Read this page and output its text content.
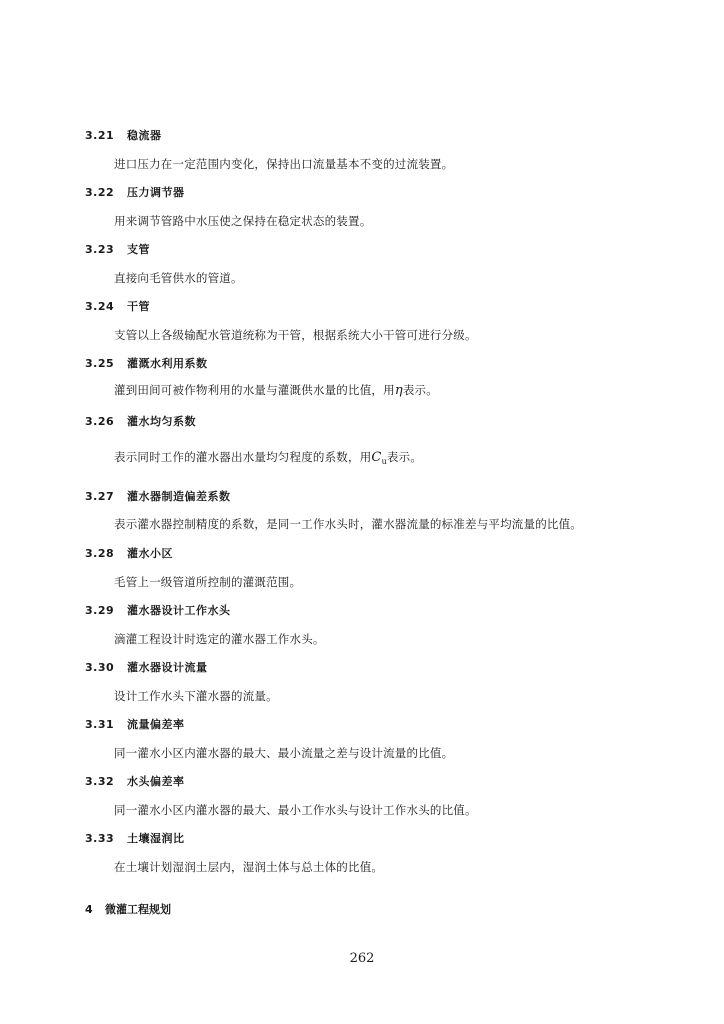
3.21 稳流器
进口压力在一定范围内变化，保持出口流量基本不变的过流装置。
3.22 压力调节器
用来调节管路中水压使之保持在稳定状态的装置。
3.23 支管
直接向毛管供水的管道。
3.24 干管
支管以上各级输配水管道统称为干管，根据系统大小干管可进行分级。
3.25 灌溉水利用系数
灌到田间可被作物利用的水量与灌溉供水量的比值，用η表示。
3.26 灌水均匀系数
表示同时工作的灌水器出水量均匀程度的系数，用$C_u$表示。
3.27 灌水器制造偏差系数
表示灌水器控制精度的系数，是同一工作水头时，灌水器流量的标准差与平均流量的比值。
3.28 灌水小区
毛管上一级管道所控制的灌溉范围。
3.29 灌水器设计工作水头
滴灌工程设计时选定的灌水器工作水头。
3.30 灌水器设计流量
设计工作水头下灌水器的流量。
3.31 流量偏差率
同一灌水小区内灌水器的最大、最小流量之差与设计流量的比值。
3.32 水头偏差率
同一灌水小区内灌水器的最大、最小工作水头与设计工作水头的比值。
3.33 土壤湿润比
在土壤计划湿润土层内，湿润土体与总土体的比值。
4 微灌工程规划
262
